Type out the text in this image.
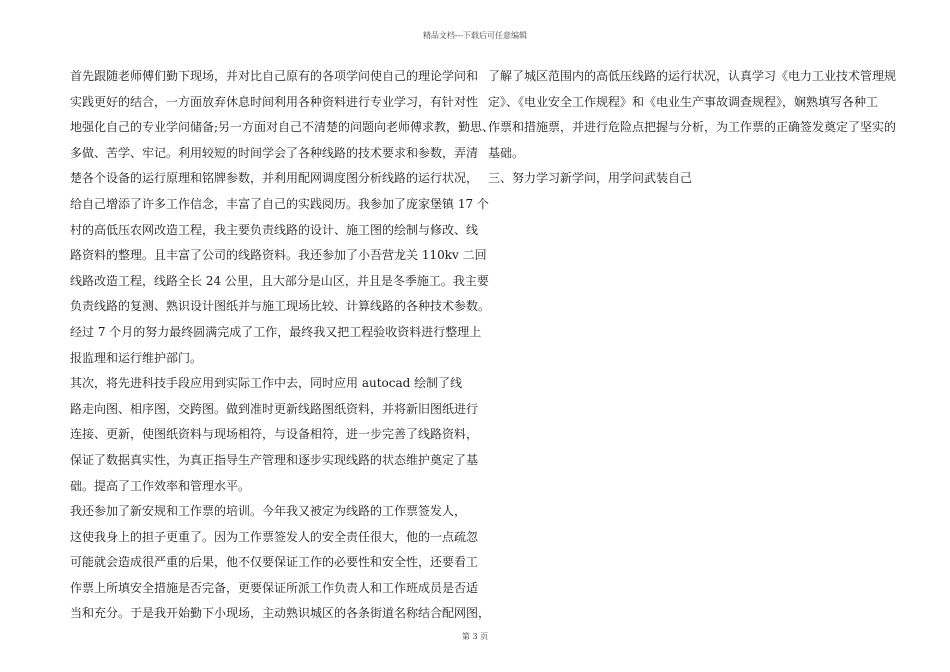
精品文档---下载后可任意编辑
首先跟随老师傅们勤下现场，并对比自己原有的各项学问使自己的理论学问和
实践更好的结合，一方面放弃休息时间利用各种资料进行专业学习，有针对性
地强化自己的专业学问储备;另一方面对自己不清楚的问题向老师傅求教，勤思、
多做、苦学、牢记。利用较短的时间学会了各种线路的技术要求和参数，弄清
楚各个设备的运行原理和铭牌参数，并利用配网调度图分析线路的运行状况，
给自己增添了许多工作信念，丰富了自己的实践阅历。我参加了庞家堡镇 17 个
村的高低压农网改造工程，我主要负责线路的设计、施工图的绘制与修改、线
路资料的整理。且丰富了公司的线路资料。我还参加了小吾营龙关 110kv 二回
线路改造工程，线路全长 24 公里，且大部分是山区，并且是冬季施工。我主要
负责线路的复测、熟识设计图纸并与施工现场比较、计算线路的各种技术参数。
经过 7 个月的努力最终圆满完成了工作，最终我又把工程验收资料进行整理上
报监理和运行维护部门。
其次，将先进科技手段应用到实际工作中去，同时应用 autocad 绘制了线
路走向图、相序图，交跨图。做到准时更新线路图纸资料，并将新旧图纸进行
连接、更新，使图纸资料与现场相符，与设备相符，进一步完善了线路资料，
保证了数据真实性，为真正指导生产管理和逐步实现线路的状态维护奠定了基
础。提高了工作效率和管理水平。
我还参加了新安规和工作票的培训。今年我又被定为线路的工作票签发人，
这使我身上的担子更重了。因为工作票签发人的安全责任很大，他的一点疏忽
可能就会造成很严重的后果，他不仅要保证工作的必要性和安全性，还要看工
作票上所填安全措施是否完备，更要保证所派工作负责人和工作班成员是否适
当和充分。于是我开始勤下小现场，主动熟识城区的各条街道名称结合配网图，
了解了城区范围内的高低压线路的运行状况，认真学习《电力工业技术管理规
定》、《电业安全工作规程》和《电业生产事故调查规程》，娴熟填写各种工
作票和措施票，并进行危险点把握与分析，为工作票的正确签发奠定了坚实的
基础。
三、努力学习新学问，用学问武装自己
第 3 页
